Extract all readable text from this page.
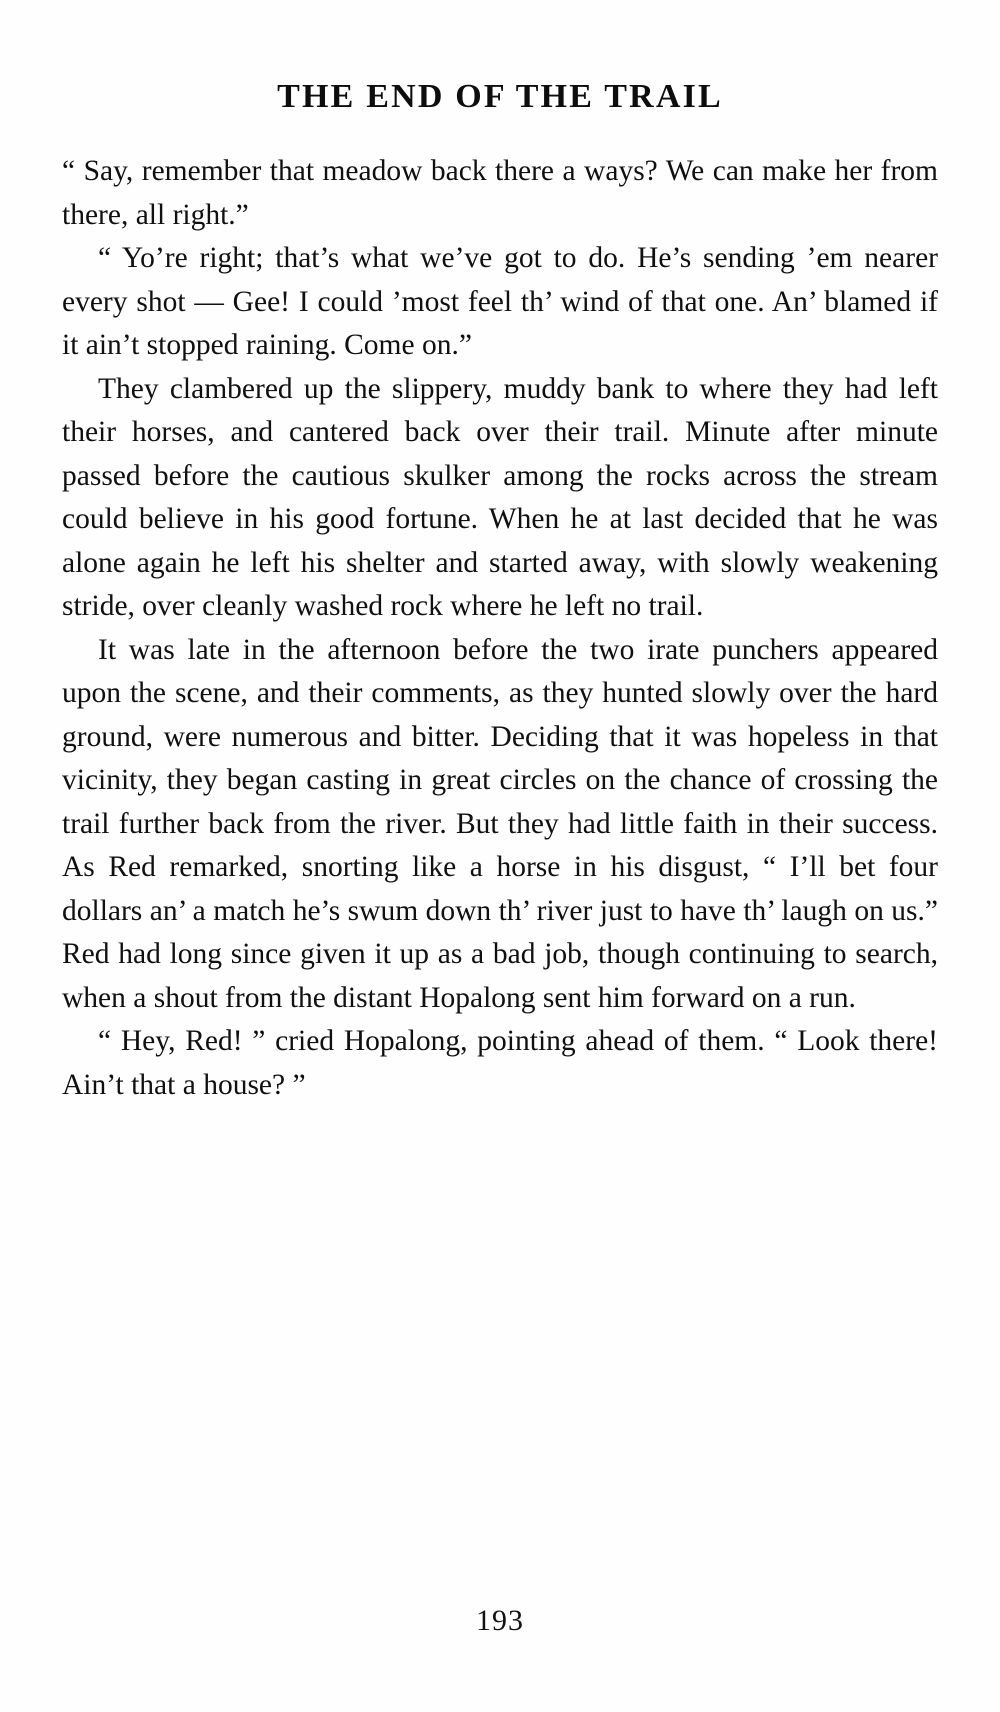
THE END OF THE TRAIL

“ Say, remember that meadow back there a ways? We can make her from there, all right.”

“ Yo’re right; that’s what we’ve got to do. He’s sending ’em nearer every shot — Gee! I could ’most feel th’ wind of that one. An’ blamed if it ain’t stopped raining. Come on.”

They clambered up the slippery, muddy bank to where they had left their horses, and cantered back over their trail. Minute after minute passed before the cautious skulker among the rocks across the stream could believe in his good fortune. When he at last decided that he was alone again he left his shelter and started away, with slowly weakening stride, over cleanly washed rock where he left no trail.

It was late in the afternoon before the two irate punchers appeared upon the scene, and their comments, as they hunted slowly over the hard ground, were numerous and bitter. Deciding that it was hopeless in that vicinity, they began casting in great circles on the chance of crossing the trail further back from the river. But they had little faith in their success. As Red remarked, snorting like a horse in his disgust, “ I’ll bet four dollars an’ a match he’s swum down th’ river just to have th’ laugh on us.” Red had long since given it up as a bad job, though continuing to search, when a shout from the distant Hopalong sent him forward on a run.

“ Hey, Red! ” cried Hopalong, pointing ahead of them. “ Look there! Ain’t that a house? ”

193
